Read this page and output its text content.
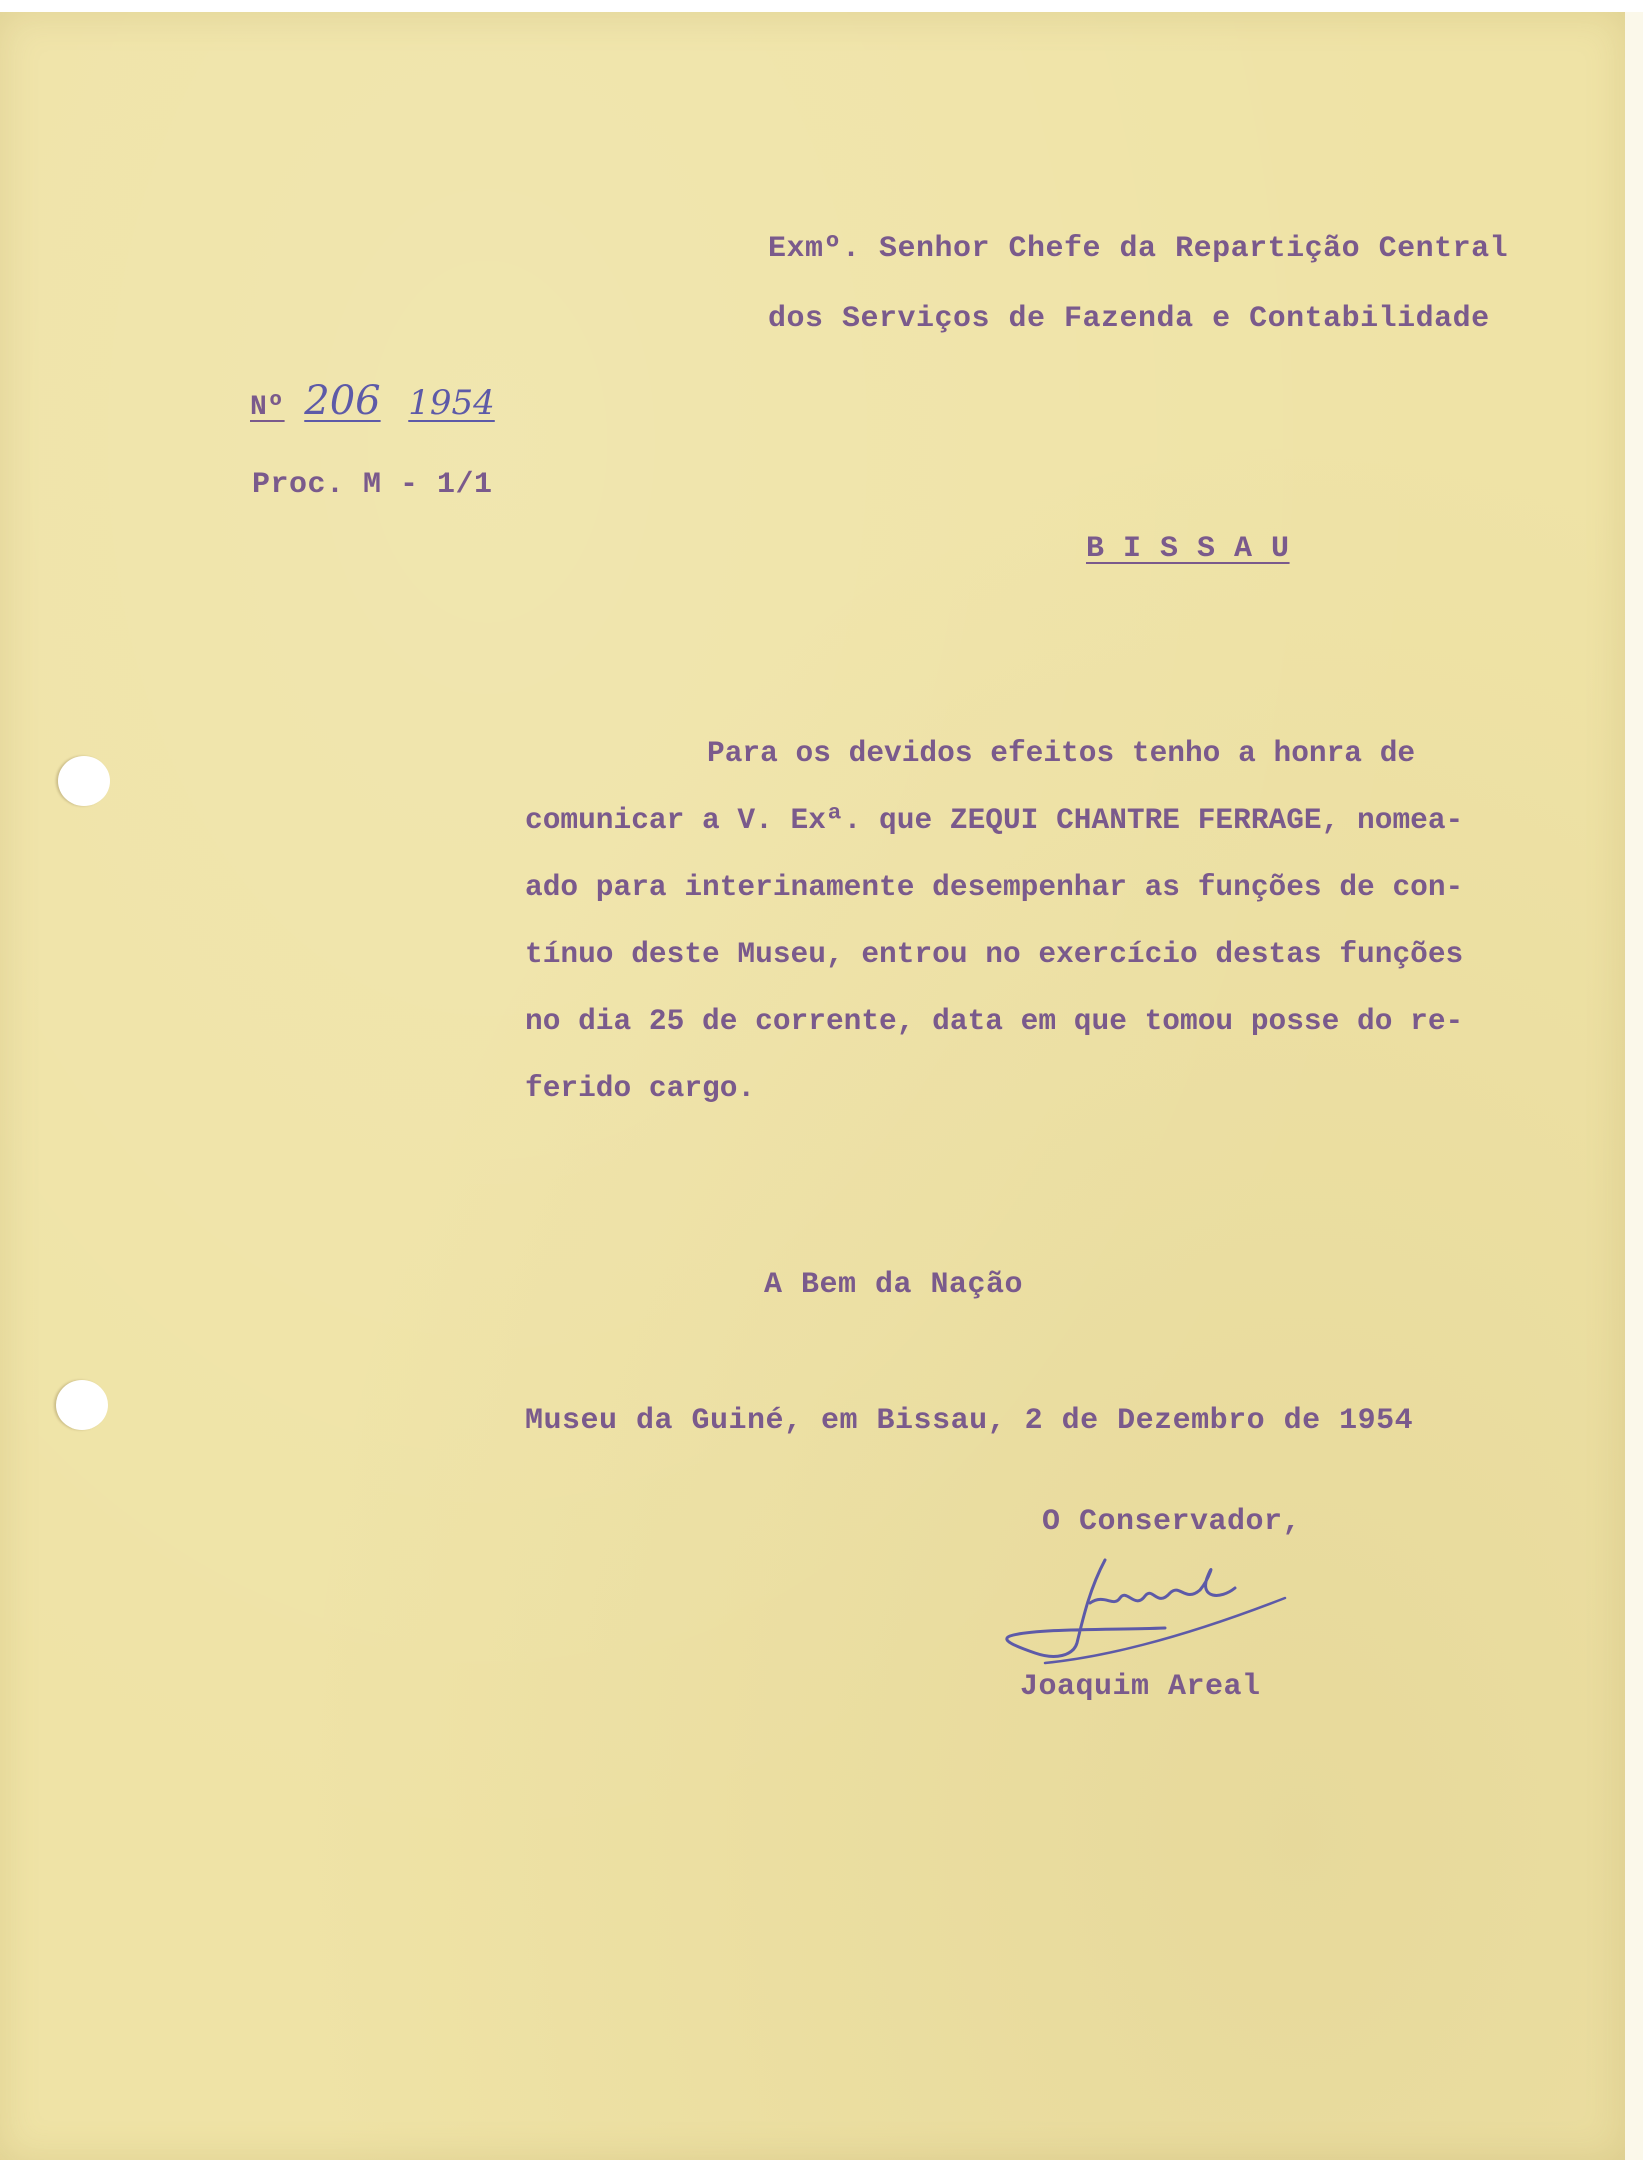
Exmº. Senhor Chefe da Repartição Central
dos Serviços de Fazenda e Contabilidade
Nº 206 1954
Proc. M - 1/1
B I S S A U
Para os devidos efeitos tenho a honra de
comunicar a V. Exª. que ZEQUI CHANTRE FERRAGE, nomea-
ado para interinamente desempenhar as funções de con-
tínuo deste Museu, entrou no exercício destas funções
no dia 25 de corrente, data em que tomou posse do re-
ferido cargo.
A Bem da Nação
Museu da Guiné, em Bissau, 2 de Dezembro de 1954
O Conservador,
Joaquim Areal
